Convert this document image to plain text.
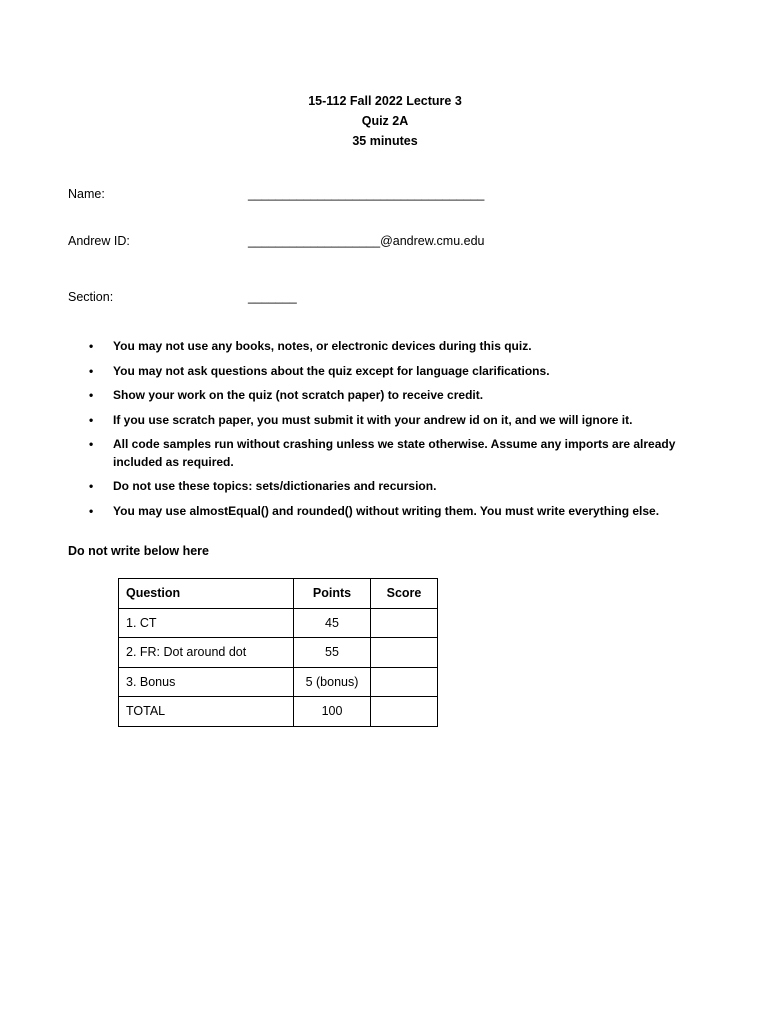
15-112 Fall 2022 Lecture 3
Quiz 2A
35 minutes
Name:	__________________________________
Andrew ID:	___________________@andrew.cmu.edu
Section:	_______
• You may not use any books, notes, or electronic devices during this quiz.
• You may not ask questions about the quiz except for language clarifications.
• Show your work on the quiz (not scratch paper) to receive credit.
• If you use scratch paper, you must submit it with your andrew id on it, and we will ignore it.
• All code samples run without crashing unless we state otherwise. Assume any imports are already included as required.
• Do not use these topics: sets/dictionaries and recursion.
• You may use almostEqual() and rounded() without writing them. You must write everything else.
Do not write below here
Question	Points	Score
1. CT	45	
2. FR: Dot around dot	55	
3. Bonus	5 (bonus)	
TOTAL	100	
